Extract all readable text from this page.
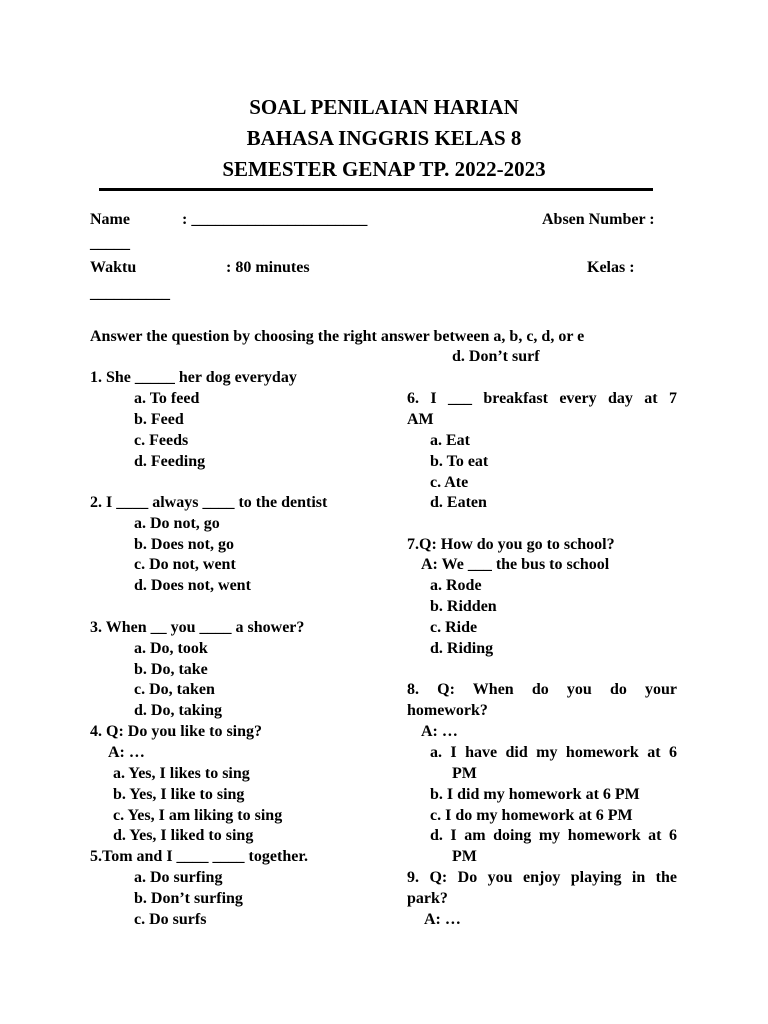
SOAL PENILAIAN HARIAN
BAHASA INGGRIS KELAS 8
SEMESTER GENAP TP. 2022-2023
Name	: ______________________	Absen Number :
_____
Waktu	: 80 minutes	Kelas :
__________
Answer the question by choosing the right answer between a, b, c, d, or e
d. Don’t surf
1. She _____ her dog everyday
a. To feed
b. Feed
c. Feeds
d. Feeding
2. I ____ always ____ to the dentist
a. Do not, go
b. Does not, go
c. Do not, went
d. Does not, went
3. When __ you ____ a shower?
a. Do, took
b. Do, take
c. Do, taken
d. Do, taking
4. Q: Do you like to sing?
A: …
a. Yes, I likes to sing
b. Yes, I like to sing
c. Yes, I am liking to sing
d. Yes, I liked to sing
5.Tom and I ____ ____ together.
a. Do surfing
b. Don’t surfing
c. Do surfs
6. I ___ breakfast every day at 7
AM
a. Eat
b. To eat
c. Ate
d. Eaten
7.Q: How do you go to school?
A: We ___ the bus to school
a. Rode
b. Ridden
c. Ride
d. Riding
8. Q: When do you do your
homework?
A: …
a. I have did my homework at 6
PM
b. I did my homework at 6 PM
c. I do my homework at 6 PM
d. I am doing my homework at 6
PM
9. Q: Do you enjoy playing in the
park?
A: …
